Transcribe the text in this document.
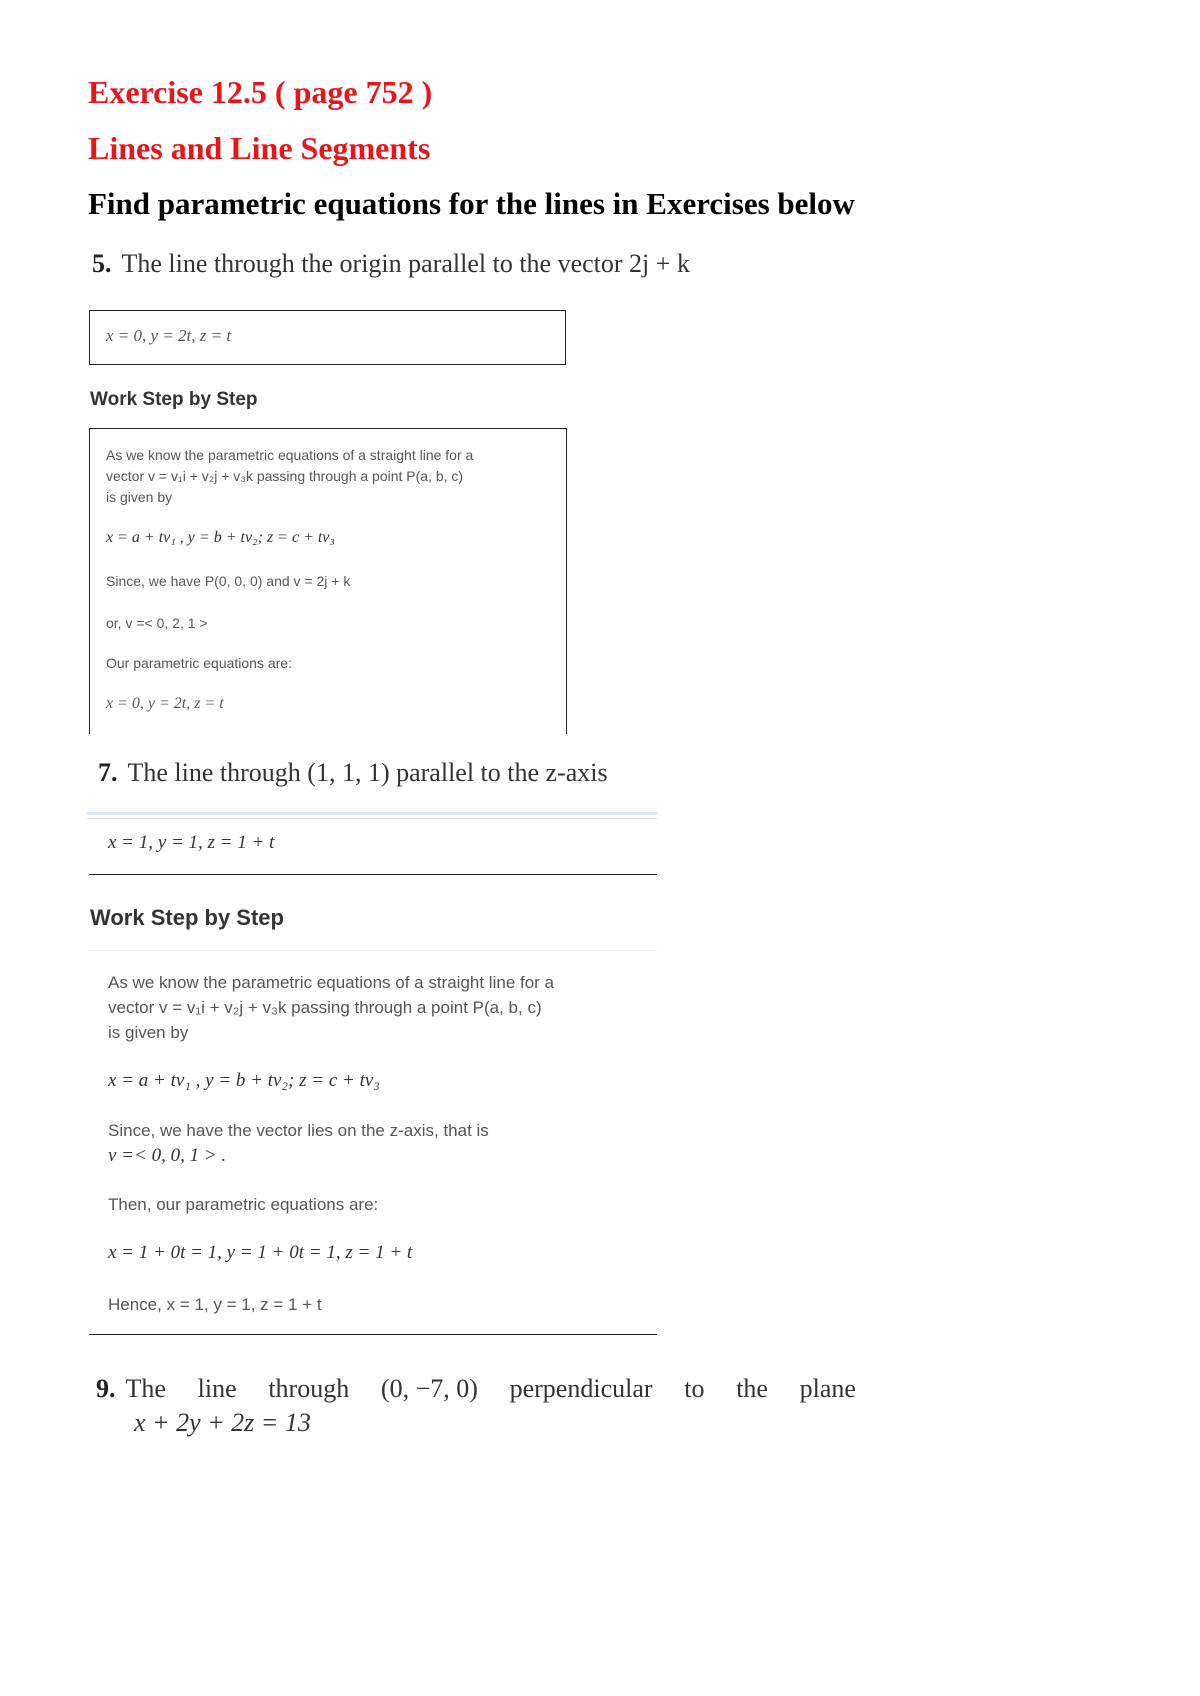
Exercise 12.5 ( page 752 )
Lines and Line Segments
Find parametric equations for the lines in Exercises below
5. The line through the origin parallel to the vector 2j + k
x = 0, y = 2t, z = t
Work Step by Step
As we know the parametric equations of a straight line for a
vector v = v₁i + v₂j + v₃k passing through a point P(a, b, c)
is given by
x = a + tv₁ , y = b + tv₂; z = c + tv₃
Since, we have P(0, 0, 0) and v = 2j + k
or, v =< 0, 2, 1 >
Our parametric equations are:
x = 0, y = 2t, z = t
7. The line through (1, 1, 1) parallel to the z-axis
x = 1, y = 1, z = 1 + t
Work Step by Step
As we know the parametric equations of a straight line for a
vector v = v₁i + v₂j + v₃k passing through a point P(a, b, c)
is given by
x = a + tv₁ , y = b + tv₂; z = c + tv₃
Since, we have the vector lies on the z-axis, that is
v =< 0, 0, 1 > .
Then, our parametric equations are:
x = 1 + 0t = 1, y = 1 + 0t = 1, z = 1 + t
Hence, x = 1, y = 1, z = 1 + t
9. The line through (0, −7, 0) perpendicular to the plane
x + 2y + 2z = 13
